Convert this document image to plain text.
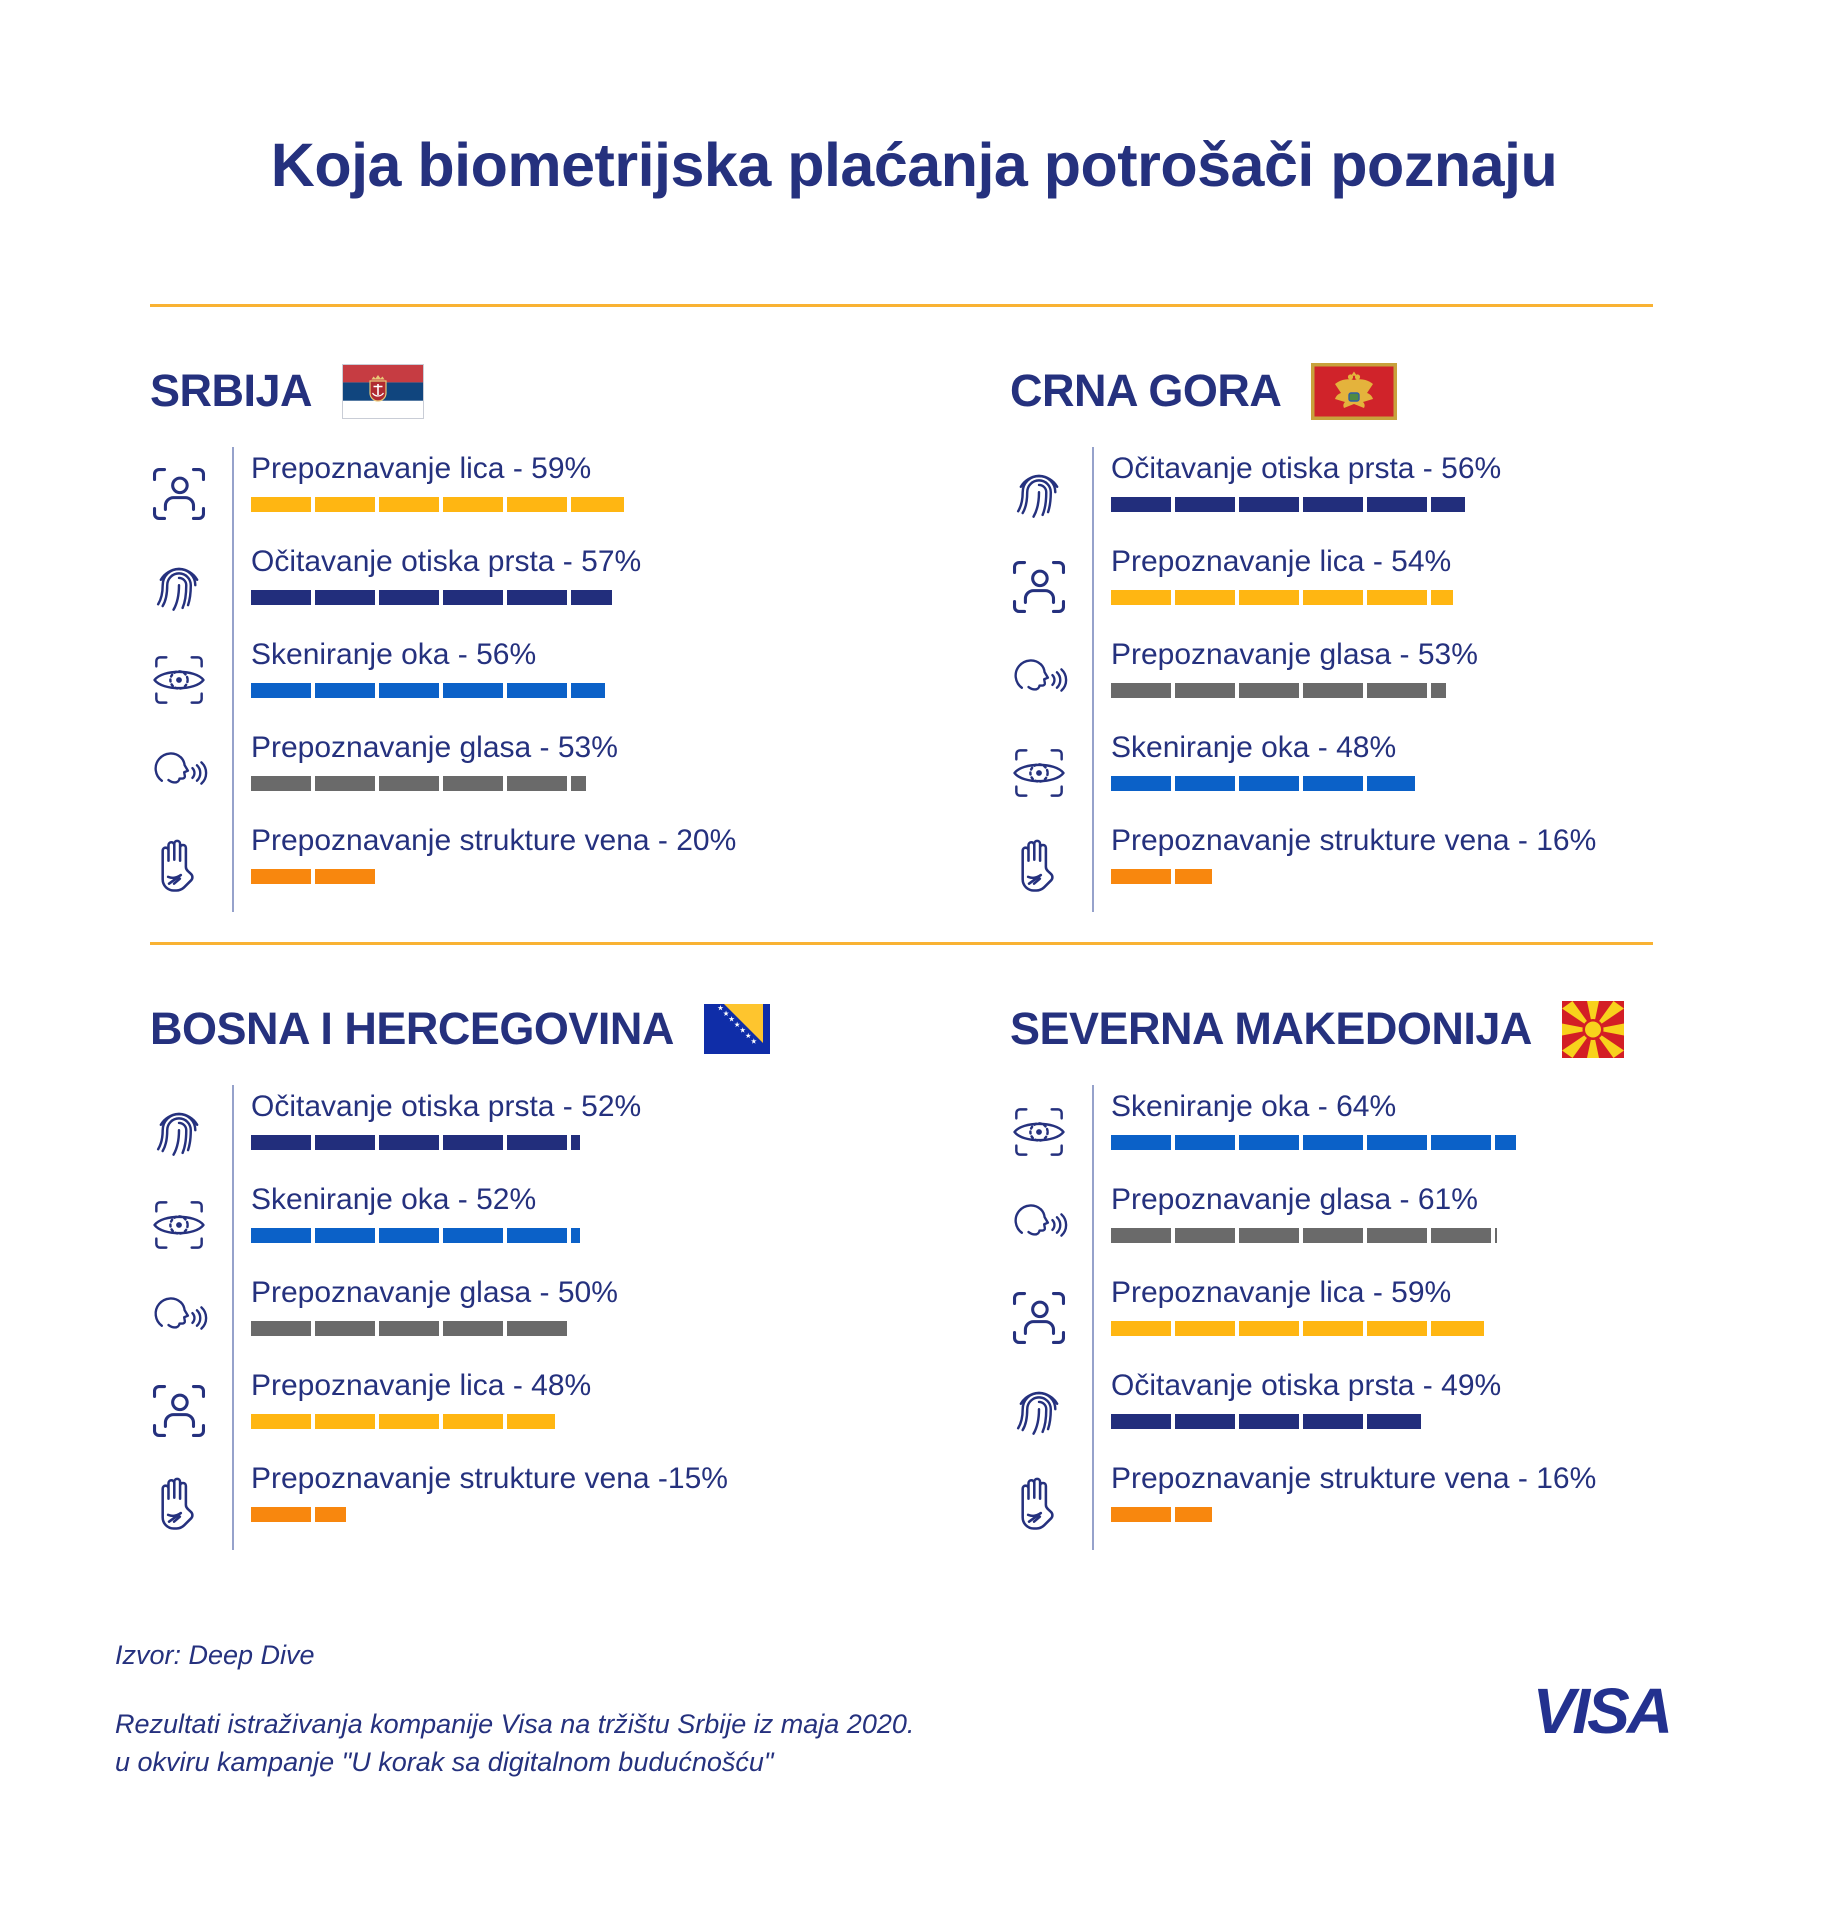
Koja biometrijska plaćanja potrošači poznaju
SRBIJA
Prepoznavanje lica - 59%
Očitavanje otiska prsta - 57%
Skeniranje oka - 56%
Prepoznavanje glasa - 53%
Prepoznavanje strukture vena - 20%
CRNA GORA
Očitavanje otiska prsta - 56%
Prepoznavanje lica - 54%
Prepoznavanje glasa - 53%
Skeniranje oka - 48%
Prepoznavanje strukture vena - 16%
BOSNA I HERCEGOVINA
Očitavanje otiska prsta - 52%
Skeniranje oka - 52%
Prepoznavanje glasa - 50%
Prepoznavanje lica - 48%
Prepoznavanje strukture vena -15%
SEVERNA MAKEDONIJA
Skeniranje oka - 64%
Prepoznavanje glasa - 61%
Prepoznavanje lica - 59%
Očitavanje otiska prsta - 49%
Prepoznavanje strukture vena - 16%
Izvor: Deep Dive
Rezultati istraživanja kompanije Visa na tržištu Srbije iz maja 2020.
u okviru kampanje "U korak sa digitalnom budućnošću"
VISA
